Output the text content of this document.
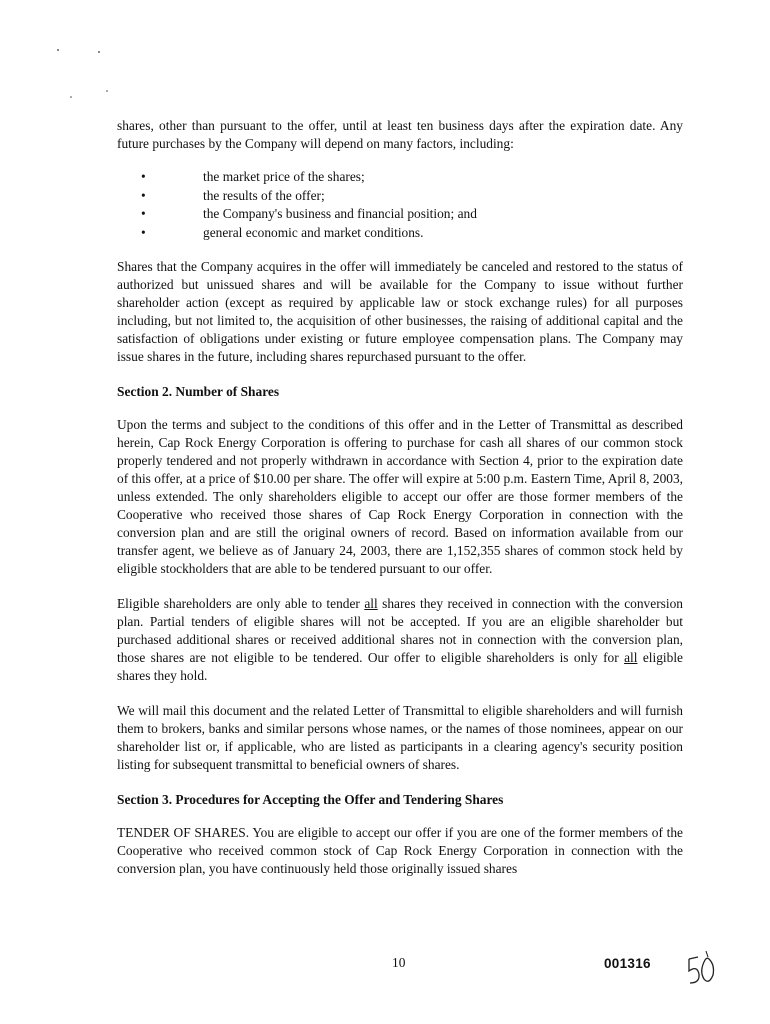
shares, other than pursuant to the offer, until at least ten business days after the expiration date. Any future purchases by the Company will depend on many factors, including:

•	the market price of the shares;
•	the results of the offer;
•	the Company's business and financial position; and
•	general economic and market conditions.

Shares that the Company acquires in the offer will immediately be canceled and restored to the status of authorized but unissued shares and will be available for the Company to issue without further shareholder action (except as required by applicable law or stock exchange rules) for all purposes including, but not limited to, the acquisition of other businesses, the raising of additional capital and the satisfaction of obligations under existing or future employee compensation plans. The Company may issue shares in the future, including shares repurchased pursuant to the offer.

Section 2. Number of Shares

Upon the terms and subject to the conditions of this offer and in the Letter of Transmittal as described herein, Cap Rock Energy Corporation is offering to purchase for cash all shares of our common stock properly tendered and not properly withdrawn in accordance with Section 4, prior to the expiration date of this offer, at a price of $10.00 per share. The offer will expire at 5:00 p.m. Eastern Time, April 8, 2003, unless extended. The only shareholders eligible to accept our offer are those former members of the Cooperative who received those shares of Cap Rock Energy Corporation in connection with the conversion plan and are still the original owners of record. Based on information available from our transfer agent, we believe as of January 24, 2003, there are 1,152,355 shares of common stock held by eligible stockholders that are able to be tendered pursuant to our offer.

Eligible shareholders are only able to tender all shares they received in connection with the conversion plan. Partial tenders of eligible shares will not be accepted. If you are an eligible shareholder but purchased additional shares or received additional shares not in connection with the conversion plan, those shares are not eligible to be tendered. Our offer to eligible shareholders is only for all eligible shares they hold.

We will mail this document and the related Letter of Transmittal to eligible shareholders and will furnish them to brokers, banks and similar persons whose names, or the names of those nominees, appear on our shareholder list or, if applicable, who are listed as participants in a clearing agency's security position listing for subsequent transmittal to beneficial owners of shares.

Section 3. Procedures for Accepting the Offer and Tendering Shares

TENDER OF SHARES. You are eligible to accept our offer if you are one of the former members of the Cooperative who received common stock of Cap Rock Energy Corporation in connection with the conversion plan, you have continuously held those originally issued shares

10	001316
